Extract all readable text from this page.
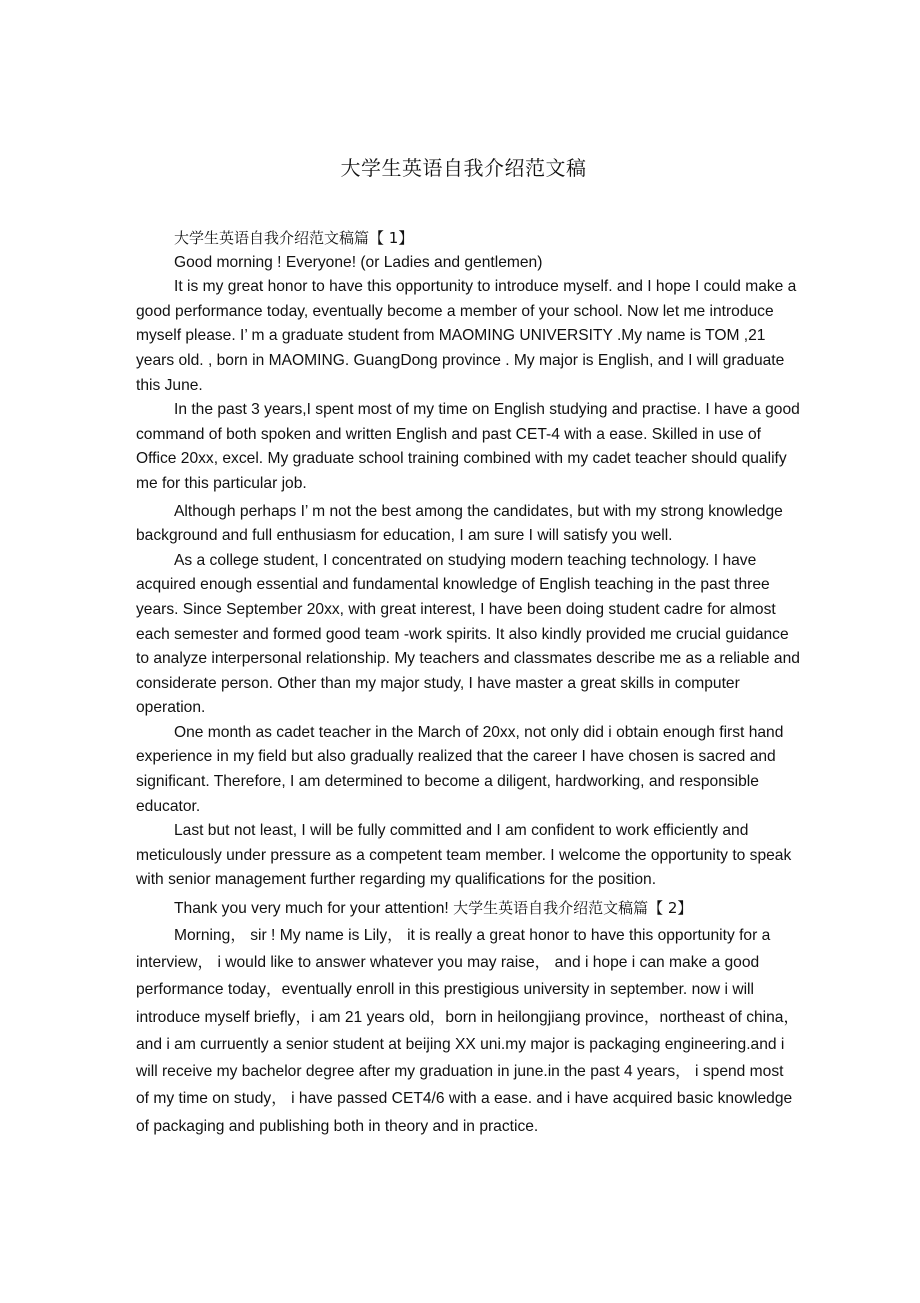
大学生英语自我介绍范文稿

大学生英语自我介绍范文稿篇【 1】

Good morning ! Everyone! (or Ladies and gentlemen)

It is my great honor to have this opportunity to introduce myself. and I hope I could make a good performance today, eventually become a member of your school. Now let me introduce myself please. I’ m a graduate student from MAOMING UNIVERSITY .My name is TOM ,21 years old. , born in MAOMING. GuangDong province . My major is English, and I will graduate this June.

In the past 3 years,I spent most of my time on English studying and practise. I have a good command of both spoken and written English and past CET-4 with a ease. Skilled in use of Office 20xx, excel. My graduate school training combined with my cadet teacher should qualify me for this particular job.

Although perhaps I’ m not the best among the candidates, but with my strong knowledge background and full enthusiasm for education, I am sure I will satisfy you well.

As a college student, I concentrated on studying modern teaching technology. I have acquired enough essential and fundamental knowledge of English teaching in the past three years. Since September 20xx, with great interest, I have been doing student cadre for almost each semester and formed good team -work spirits. It also kindly provided me crucial guidance to analyze interpersonal relationship. My teachers and classmates describe me as a reliable and considerate person. Other than my major study, I have master a great skills in computer operation.

One month as cadet teacher in the March of 20xx, not only did i obtain enough first hand experience in my field but also gradually realized that the career I have chosen is sacred and significant. Therefore, I am determined to become a diligent, hardworking, and responsible educator.

Last but not least, I will be fully committed and I am confident to work efficiently and meticulously under pressure as a competent team member. I welcome the opportunity to speak with senior management further regarding my qualifications for the position.

Thank you very much for your attention! 大学生英语自我介绍范文稿篇【 2】

Morning， sir ! My name is Lily， it is really a great honor to have this opportunity for a interview， i would like to answer whatever you may raise， and i hope i can make a good performance today，eventually enroll in this prestigious university in september. now i will introduce myself briefly，i am 21 years old，born in heilongjiang province，northeast of china， and i am curruently a senior student at beijing XX uni.my major is packaging engineering.and i will receive my bachelor degree after my graduation in june.in the past 4 years， i spend most of my time on study， i have passed CET4/6 with a ease. and i have acquired basic knowledge of packaging and publishing both in theory and in practice.
